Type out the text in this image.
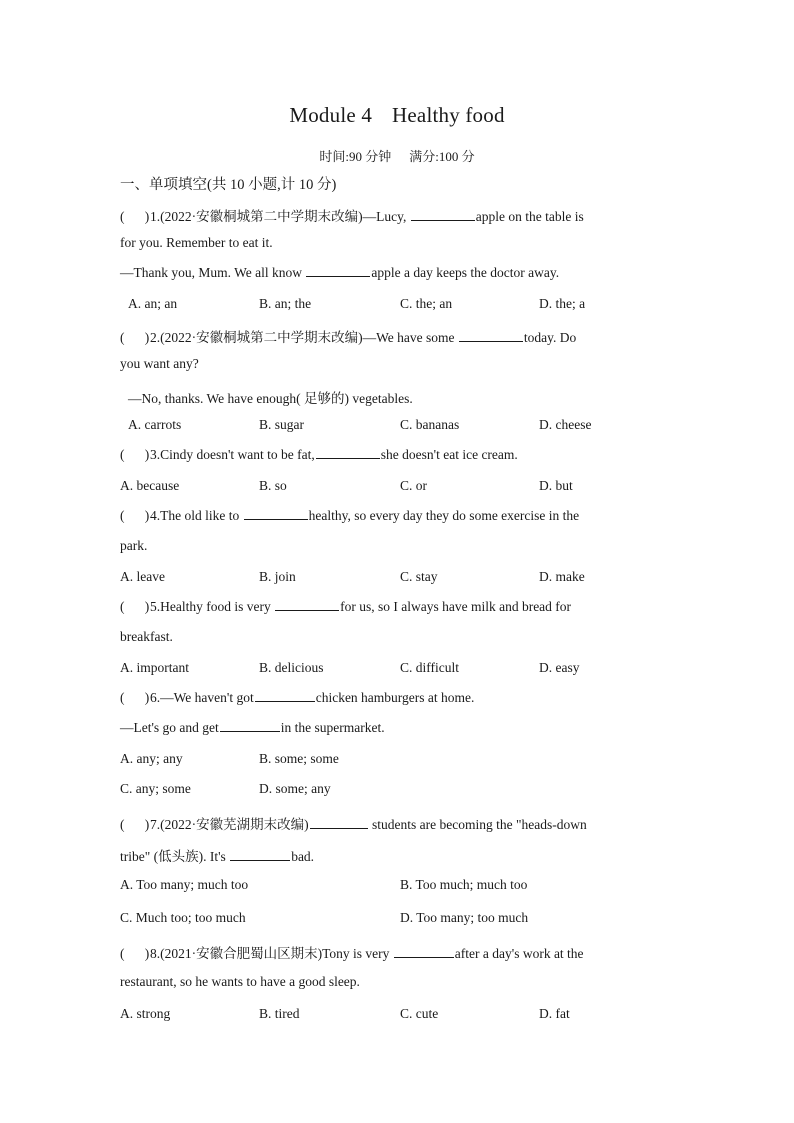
Module 4 Healthy food
时间:90 分钟 满分:100 分
一、单项填空(共 10 小题,计 10 分)
(      )1.(2022·安徽桐城第二中学期末改编)—Lucy,	apple on the table is
for you. Remember to eat it.
—Thank you, Mum. We all know	apple a day keeps the doctor away.
A. an; an	B. an; the	C. the; an	D. the; a
(      )2.(2022·安徽桐城第二中学期末改编)—We have some	today. Do
you want any?
—No, thanks. We have enough( 足够的) vegetables.
A. carrots	B. sugar	C. bananas	D. cheese
(      )3.Cindy doesn't want to be fat,	she doesn't eat ice cream.
A. because	B. so	C. or	D. but
(      )4.The old like to	healthy, so every day they do some exercise in the
park.
A. leave	B. join	C. stay	D. make
(      )5.Healthy food is very	for us, so I always have milk and bread for
breakfast.
A. important	B. delicious	C. difficult	D. easy
(      )6.—We haven't got	chicken hamburgers at home.
—Let's go and get	in the supermarket.
A. any; any	B. some; some
C. any; some	D. some; any
(      )7.(2022·安徽芜湖期末改编)	students are becoming the "heads-down
tribe" (低头族). It's	bad.
A. Too many; much too	B. Too much; much too
C. Much too; too much	D. Too many; too much
(      )8.(2021·安徽合肥蜀山区期末)Tony is very	after a day's work at the
restaurant, so he wants to have a good sleep.
A. strong	B. tired	C. cute	D. fat
